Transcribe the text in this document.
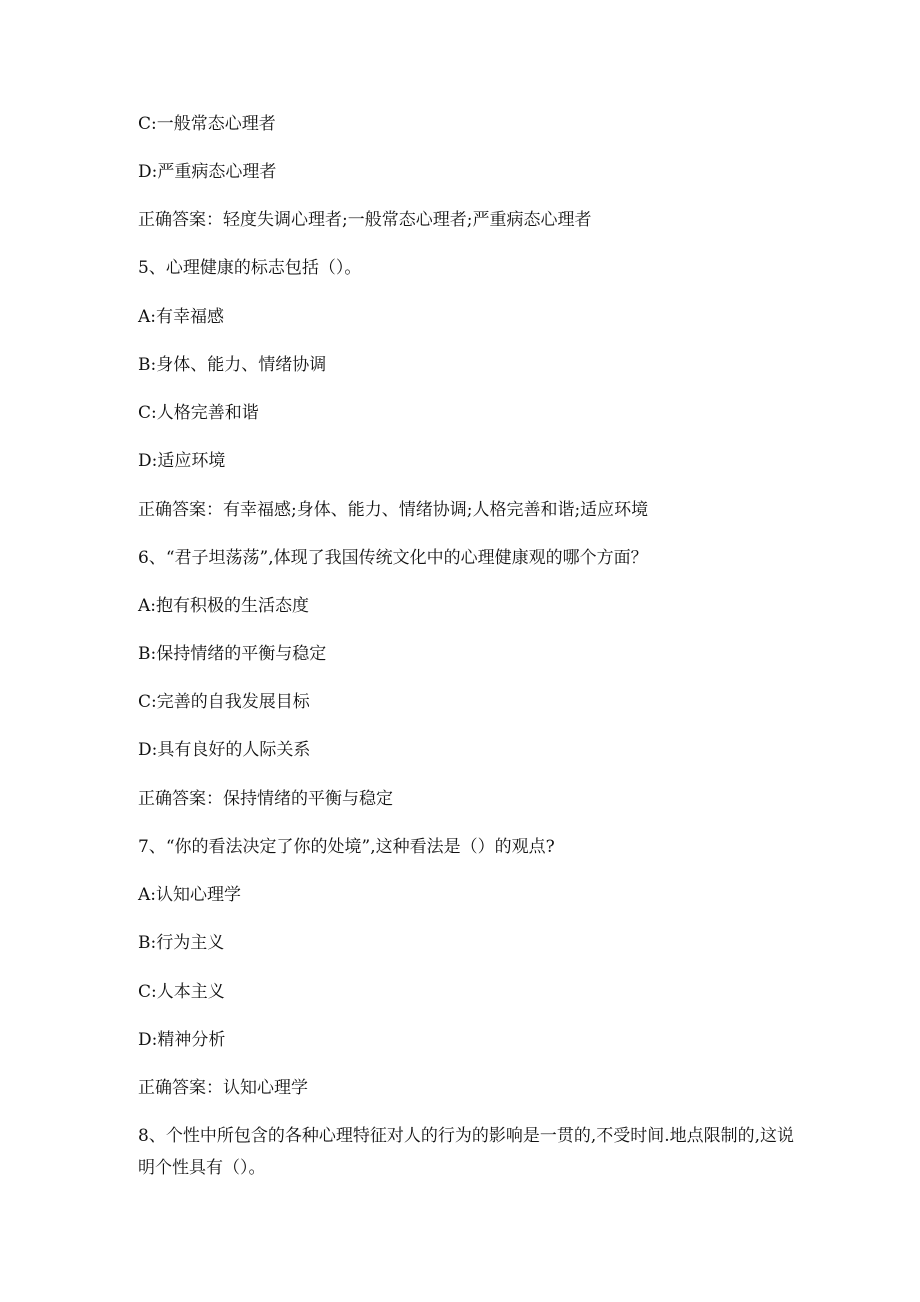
C:一般常态心理者
D:严重病态心理者
正确答案：轻度失调心理者;一般常态心理者;严重病态心理者
5、心理健康的标志包括（）。
A:有幸福感
B:身体、能力、情绪协调
C:人格完善和谐
D:适应环境
正确答案：有幸福感;身体、能力、情绪协调;人格完善和谐;适应环境
6、“君子坦荡荡”,体现了我国传统文化中的心理健康观的哪个方面？
A:抱有积极的生活态度
B:保持情绪的平衡与稳定
C:完善的自我发展目标
D:具有良好的人际关系
正确答案：保持情绪的平衡与稳定
7、“你的看法决定了你的处境”,这种看法是（）的观点?
A:认知心理学
B:行为主义
C:人本主义
D:精神分析
正确答案：认知心理学
8、个性中所包含的各种心理特征对人的行为的影响是一贯的,不受时间.地点限制的,这说明个性具有（）。
